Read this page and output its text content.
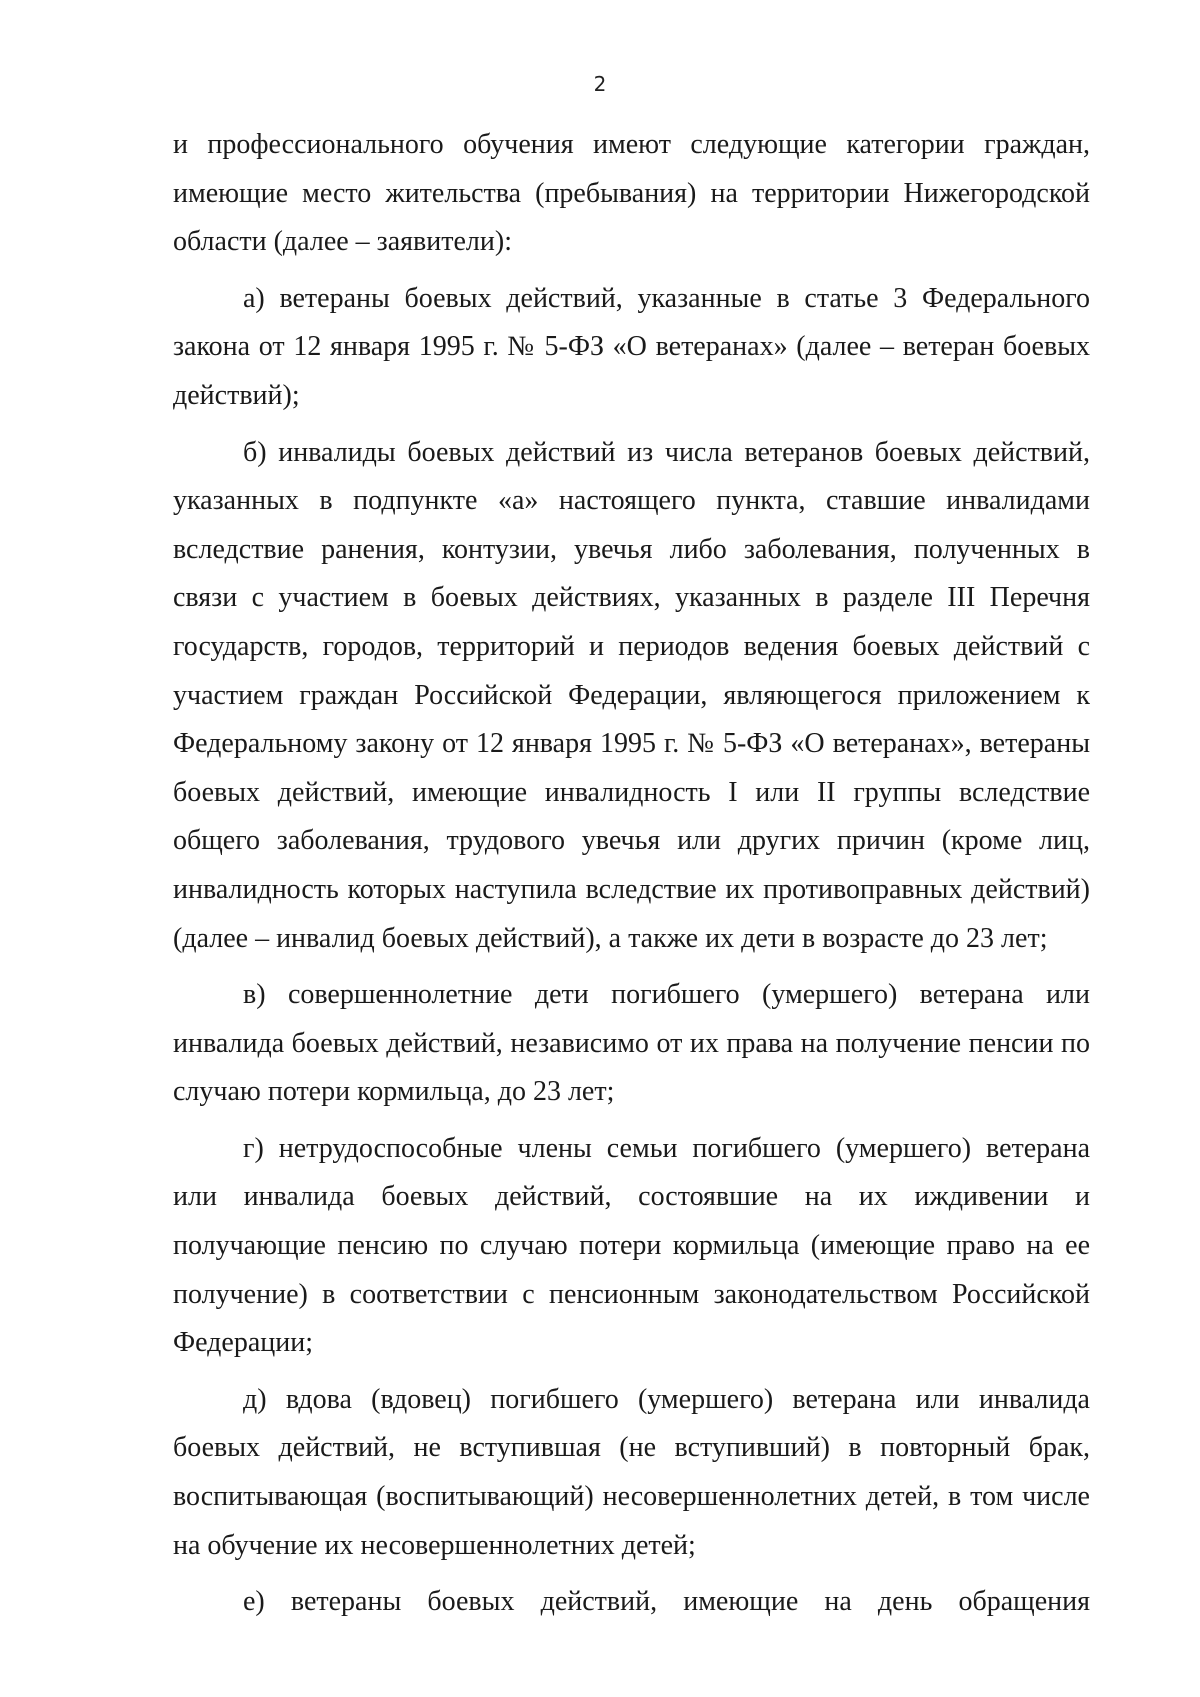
2

и профессионального обучения имеют следующие категории граждан, имеющие место жительства (пребывания) на территории Нижегородской области (далее – заявители):

а) ветераны боевых действий, указанные в статье 3 Федерального закона от 12 января 1995 г. № 5-ФЗ «О ветеранах» (далее – ветеран боевых действий);

б) инвалиды боевых действий из числа ветеранов боевых действий, указанных в подпункте «а» настоящего пункта, ставшие инвалидами вследствие ранения, контузии, увечья либо заболевания, полученных в связи с участием в боевых действиях, указанных в разделе III Перечня государств, городов, территорий и периодов ведения боевых действий с участием граждан Российской Федерации, являющегося приложением к Федеральному закону от 12 января 1995 г. № 5-ФЗ «О ветеранах», ветераны боевых действий, имеющие инвалидность I или II группы вследствие общего заболевания, трудового увечья или других причин (кроме лиц, инвалидность которых наступила вследствие их противоправных действий) (далее – инвалид боевых действий), а также их дети в возрасте до 23 лет;

в) совершеннолетние дети погибшего (умершего) ветерана или инвалида боевых действий, независимо от их права на получение пенсии по случаю потери кормильца, до 23 лет;

г) нетрудоспособные члены семьи погибшего (умершего) ветерана или инвалида боевых действий, состоявшие на их иждивении и получающие пенсию по случаю потери кормильца (имеющие право на ее получение) в соответствии с пенсионным законодательством Российской Федерации;

д) вдова (вдовец) погибшего (умершего) ветерана или инвалида боевых действий, не вступившая (не вступивший) в повторный брак, воспитывающая (воспитывающий) несовершеннолетних детей, в том числе на обучение их несовершеннолетних детей;

е) ветераны боевых действий, имеющие на день обращения
